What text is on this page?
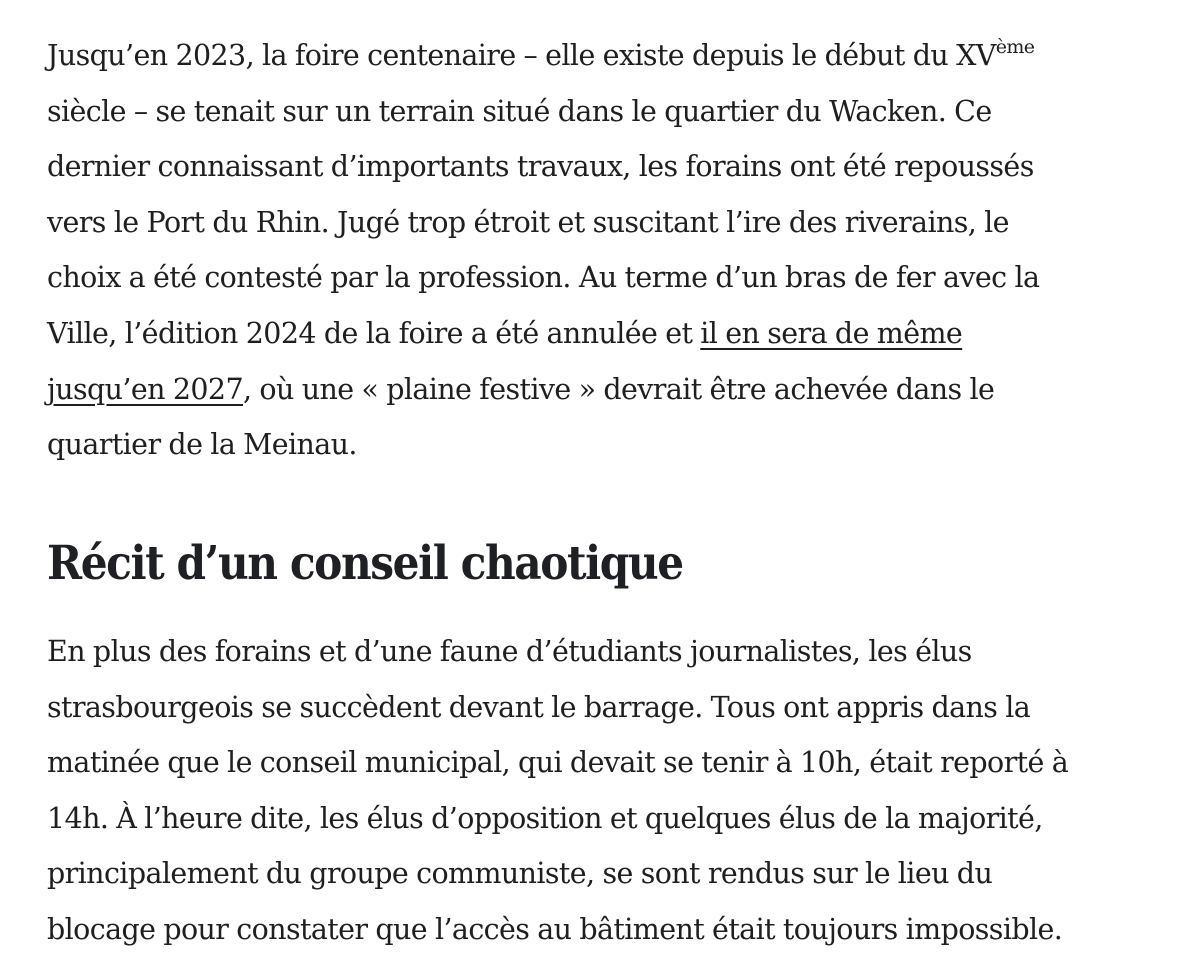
Jusqu’en 2023, la foire centenaire – elle existe depuis le début du XVème
siècle – se tenait sur un terrain situé dans le quartier du Wacken. Ce
dernier connaissant d’importants travaux, les forains ont été repoussés
vers le Port du Rhin. Jugé trop étroit et suscitant l’ire des riverains, le
choix a été contesté par la profession. Au terme d’un bras de fer avec la
Ville, l’édition 2024 de la foire a été annulée et il en sera de même
jusqu’en 2027, où une « plaine festive » devrait être achevée dans le
quartier de la Meinau.

Récit d’un conseil chaotique

En plus des forains et d’une faune d’étudiants journalistes, les élus
strasbourgeois se succèdent devant le barrage. Tous ont appris dans la
matinée que le conseil municipal, qui devait se tenir à 10h, était reporté à
14h. À l’heure dite, les élus d’opposition et quelques élus de la majorité,
principalement du groupe communiste, se sont rendus sur le lieu du
blocage pour constater que l’accès au bâtiment était toujours impossible.
